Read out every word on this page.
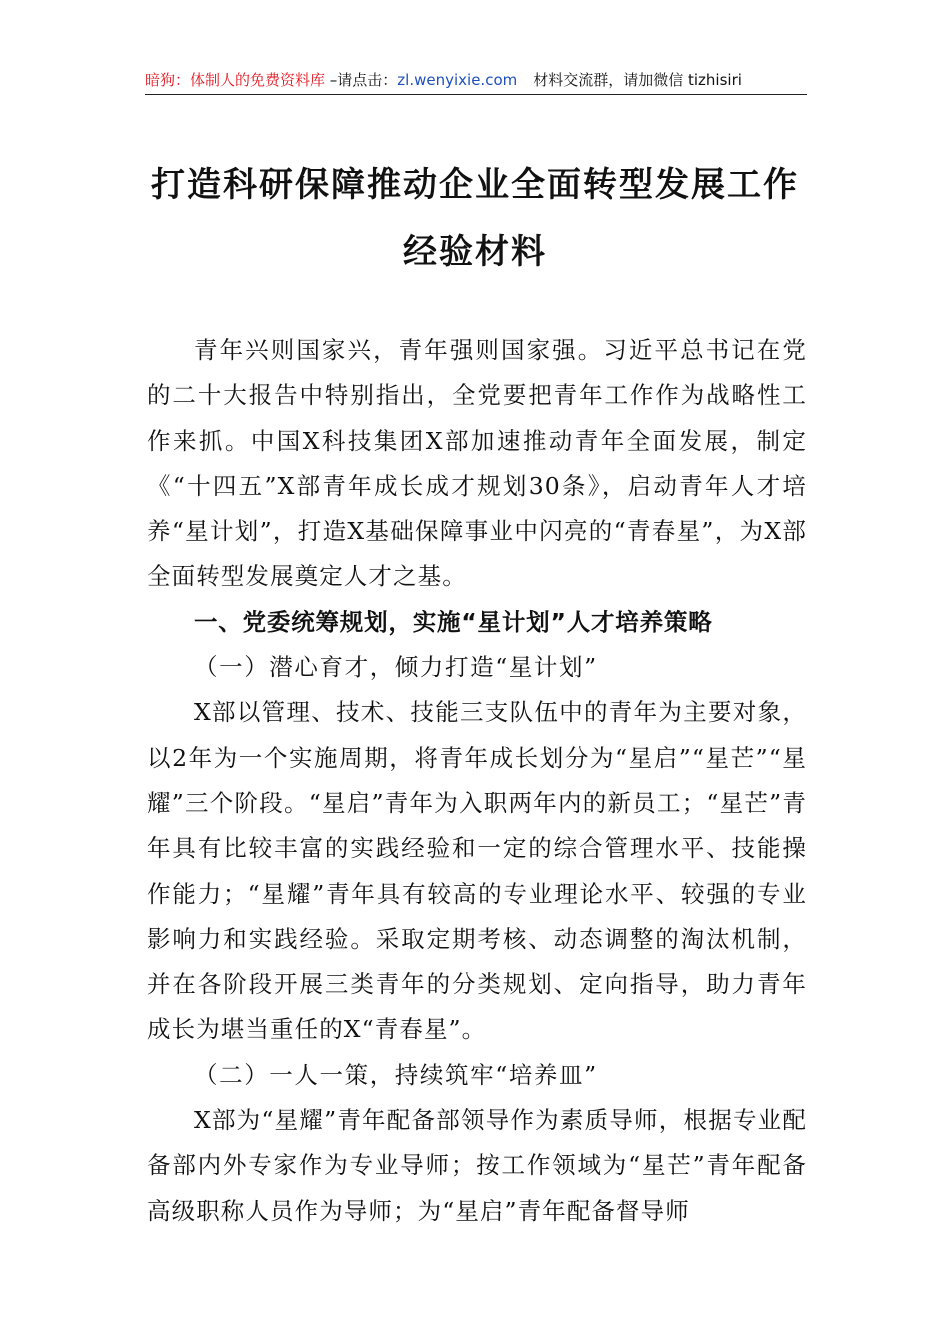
暗狗：体制人的免费资料库 –请点击：zl.wenyixie.com 材料交流群，请加微信 tizhisiri
打造科研保障推动企业全面转型发展工作
经验材料

青年兴则国家兴，青年强则国家强。习近平总书记在党的二十大报告中特别指出，全党要把青年工作作为战略性工作来抓。中国X科技集团X部加速推动青年全面发展，制定《“十四五”X部青年成长成才规划30条》，启动青年人才培养“星计划”，打造X基础保障事业中闪亮的“青春星”，为X部全面转型发展奠定人才之基。

一、党委统筹规划，实施“星计划”人才培养策略

（一）潜心育才，倾力打造“星计划”

X部以管理、技术、技能三支队伍中的青年为主要对象，以2年为一个实施周期，将青年成长划分为“星启”“星芒”“星耀”三个阶段。“星启”青年为入职两年内的新员工；“星芒”青年具有比较丰富的实践经验和一定的综合管理水平、技能操作能力；“星耀”青年具有较高的专业理论水平、较强的专业影响力和实践经验。采取定期考核、动态调整的淘汰机制，并在各阶段开展三类青年的分类规划、定向指导，助力青年成长为堪当重任的X“青春星”。

（二）一人一策，持续筑牢“培养皿”

X部为“星耀”青年配备部领导作为素质导师，根据专业配备部内外专家作为专业导师；按工作领域为“星芒”青年配备高级职称人员作为导师；为“星启”青年配备督导师
